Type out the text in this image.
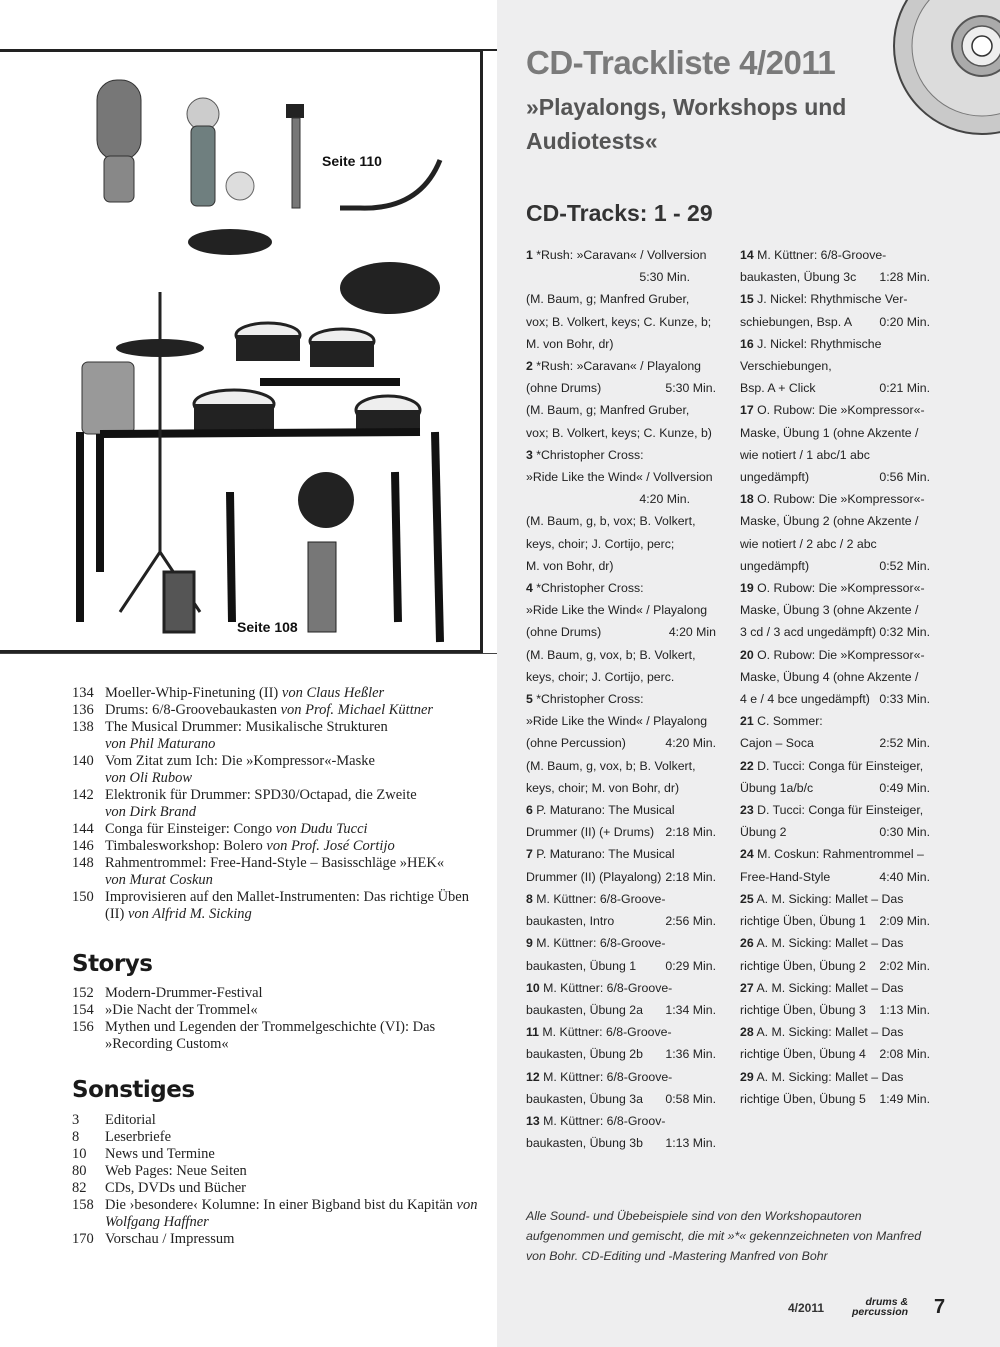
Seite 110
Seite 108
134 Moeller-Whip-Finetuning (II) von Claus Heßler
136 Drums: 6/8-Groovebaukasten von Prof. Michael Küttner
138 The Musical Drummer: Musikalische Strukturen
von Phil Maturano
140 Vom Zitat zum Ich: Die »Kompressor«-Maske
von Oli Rubow
142 Elektronik für Drummer: SPD30/Octapad, die Zweite
von Dirk Brand
144 Conga für Einsteiger: Congo von Dudu Tucci
146 Timbalesworkshop: Bolero von Prof. José Cortijo
148 Rahmentrommel: Free-Hand-Style – Basisschläge »HEK«
von Murat Coskun
150 Improvisieren auf den Mallet-Instrumenten: Das richtige Üben (II) von Alfrid M. Sicking
Storys
152 Modern-Drummer-Festival
154 »Die Nacht der Trommel«
156 Mythen und Legenden der Trommelgeschichte (VI): Das »Recording Custom«
Sonstiges
3	Editorial
8	Leserbriefe
10	News und Termine
80	Web Pages: Neue Seiten
82	CDs, DVDs und Bücher
158 Die ›besondere‹ Kolumne: In einer Bigband bist du Kapitän von Wolfgang Haffner
170 Vorschau / Impressum
CD-Trackliste 4/2011
»Playalongs, Workshops und Audiotests«
CD-Tracks: 1 - 29
1 *Rush: »Caravan« / Vollversion
5:30 Min.
(M. Baum, g; Manfred Gruber,
vox; B. Volkert, keys; C. Kunze, b;
M. von Bohr, dr)
2 *Rush: »Caravan« / Playalong
(ohne Drums)	5:30 Min.
(M. Baum, g; Manfred Gruber,
vox; B. Volkert, keys; C. Kunze, b)
3 *Christopher Cross:
»Ride Like the Wind« / Vollversion
4:20 Min.
(M. Baum, g, b, vox; B. Volkert,
keys, choir; J. Cortijo, perc;
M. von Bohr, dr)
4 *Christopher Cross:
»Ride Like the Wind« / Playalong
(ohne Drums)	4:20 Min
(M. Baum, g, vox, b; B. Volkert,
keys, choir; J. Cortijo, perc.
5 *Christopher Cross:
»Ride Like the Wind« / Playalong
(ohne Percussion)	4:20 Min.
(M. Baum, g, vox, b; B. Volkert,
keys, choir; M. von Bohr, dr)
6 P. Maturano: The Musical
Drummer (II) (+ Drums) 2:18 Min.
7 P. Maturano: The Musical
Drummer (II) (Playalong) 2:18 Min.
8 M. Küttner: 6/8-Groove-
baukasten, Intro	2:56 Min.
9 M. Küttner: 6/8-Groove-
baukasten, Übung 1 0:29 Min.
10 M. Küttner: 6/8-Groove-
baukasten, Übung 2a 1:34 Min.
11 M. Küttner: 6/8-Groove-
baukasten, Übung 2b 1:36 Min.
12 M. Küttner: 6/8-Groove-
baukasten, Übung 3a 0:58 Min.
13 M. Küttner: 6/8-Groov-
baukasten, Übung 3b 1:13 Min.
14 M. Küttner: 6/8-Groove-
baukasten, Übung 3c 1:28 Min.
15 J. Nickel: Rhythmische Ver-
schiebungen, Bsp. A 0:20 Min.
16 J. Nickel: Rhythmische
Verschiebungen,
Bsp. A + Click	0:21 Min.
17 O. Rubow: Die »Kompressor«-
Maske, Übung 1 (ohne Akzente /
wie notiert / 1 abc/1 abc
ungedämpft)	0:56 Min.
18 O. Rubow: Die »Kompressor«-
Maske, Übung 2 (ohne Akzente /
wie notiert / 2 abc / 2 abc
ungedämpft)	0:52 Min.
19 O. Rubow: Die »Kompressor«-
Maske, Übung 3 (ohne Akzente /
3 cd / 3 acd ungedämpft) 0:32 Min.
20 O. Rubow: Die »Kompressor«-
Maske, Übung 4 (ohne Akzente /
4 e / 4 bce ungedämpft) 0:33 Min.
21 C. Sommer:
Cajon – Soca	2:52 Min.
22 D. Tucci: Conga für Einsteiger,
Übung 1a/b/c	0:49 Min.
23 D. Tucci: Conga für Einsteiger,
Übung 2	0:30 Min.
24 M. Coskun: Rahmentrommel –
Free-Hand-Style	4:40 Min.
25 A. M. Sicking: Mallet – Das
richtige Üben, Übung 1 2:09 Min.
26 A. M. Sicking: Mallet – Das
richtige Üben, Übung 2 2:02 Min.
27 A. M. Sicking: Mallet – Das
richtige Üben, Übung 3 1:13 Min.
28 A. M. Sicking: Mallet – Das
richtige Üben, Übung 4 2:08 Min.
29 A. M. Sicking: Mallet – Das
richtige Üben, Übung 5 1:49 Min.
Alle Sound- und Übebeispiele sind von den Workshopautoren aufgenommen und gemischt, die mit »*« gekennzeichneten von Manfred von Bohr. CD-Editing und -Mastering Manfred von Bohr
4/2011	drums &
percussion 7
